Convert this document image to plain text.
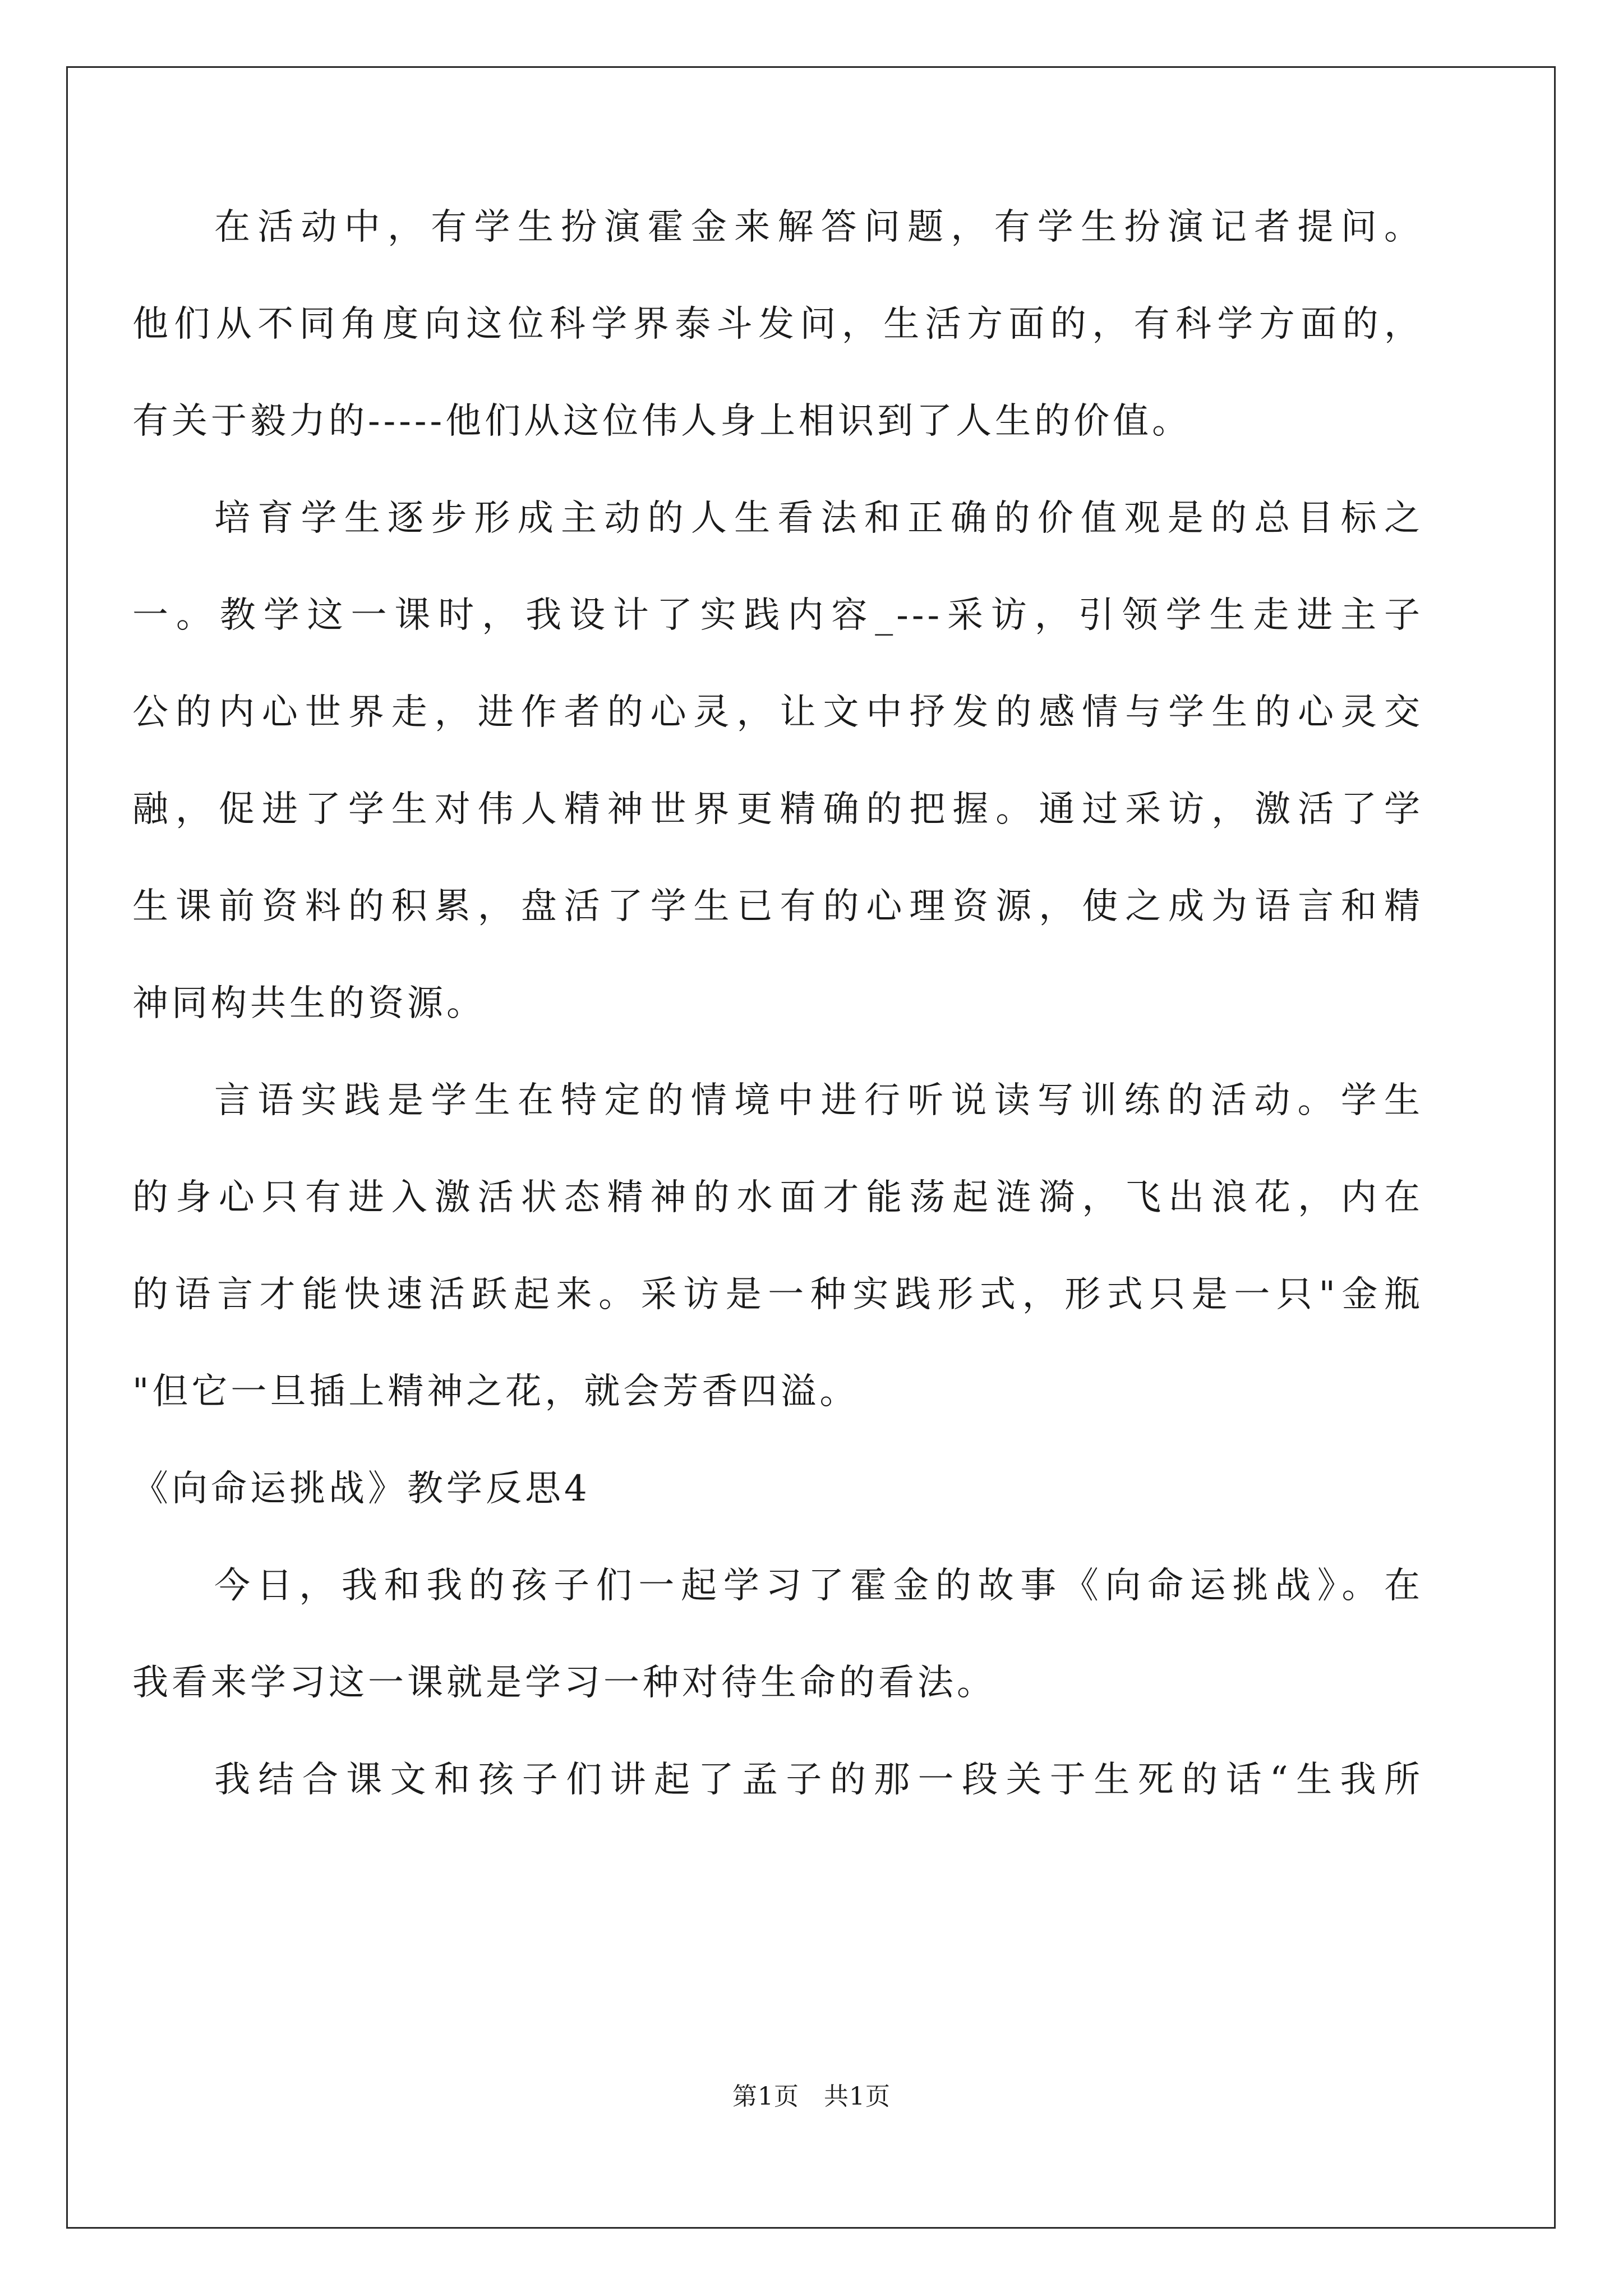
在活动中，有学生扮演霍金来解答问题，有学生扮演记者提问。
他们从不同角度向这位科学界泰斗发问，生活方面的，有科学方面的，
有关于毅力的-----他们从这位伟人身上相识到了人生的价值。
培育学生逐步形成主动的人生看法和正确的价值观是的总目标之
一。教学这一课时，我设计了实践内容_---采访，引领学生走进主子
公的内心世界走，进作者的心灵，让文中抒发的感情与学生的心灵交
融，促进了学生对伟人精神世界更精确的把握。通过采访，激活了学
生课前资料的积累，盘活了学生已有的心理资源，使之成为语言和精
神同构共生的资源。
言语实践是学生在特定的情境中进行听说读写训练的活动。学生
的身心只有进入激活状态精神的水面才能荡起涟漪，飞出浪花，内在
的语言才能快速活跃起来。采访是一种实践形式，形式只是一只"金瓶
"但它一旦插上精神之花，就会芳香四溢。
《向命运挑战》教学反思4
今日，我和我的孩子们一起学习了霍金的故事《向命运挑战》。在
我看来学习这一课就是学习一种对待生命的看法。
我结合课文和孩子们讲起了孟子的那一段关于生死的话“生我所
第1页 共1页
